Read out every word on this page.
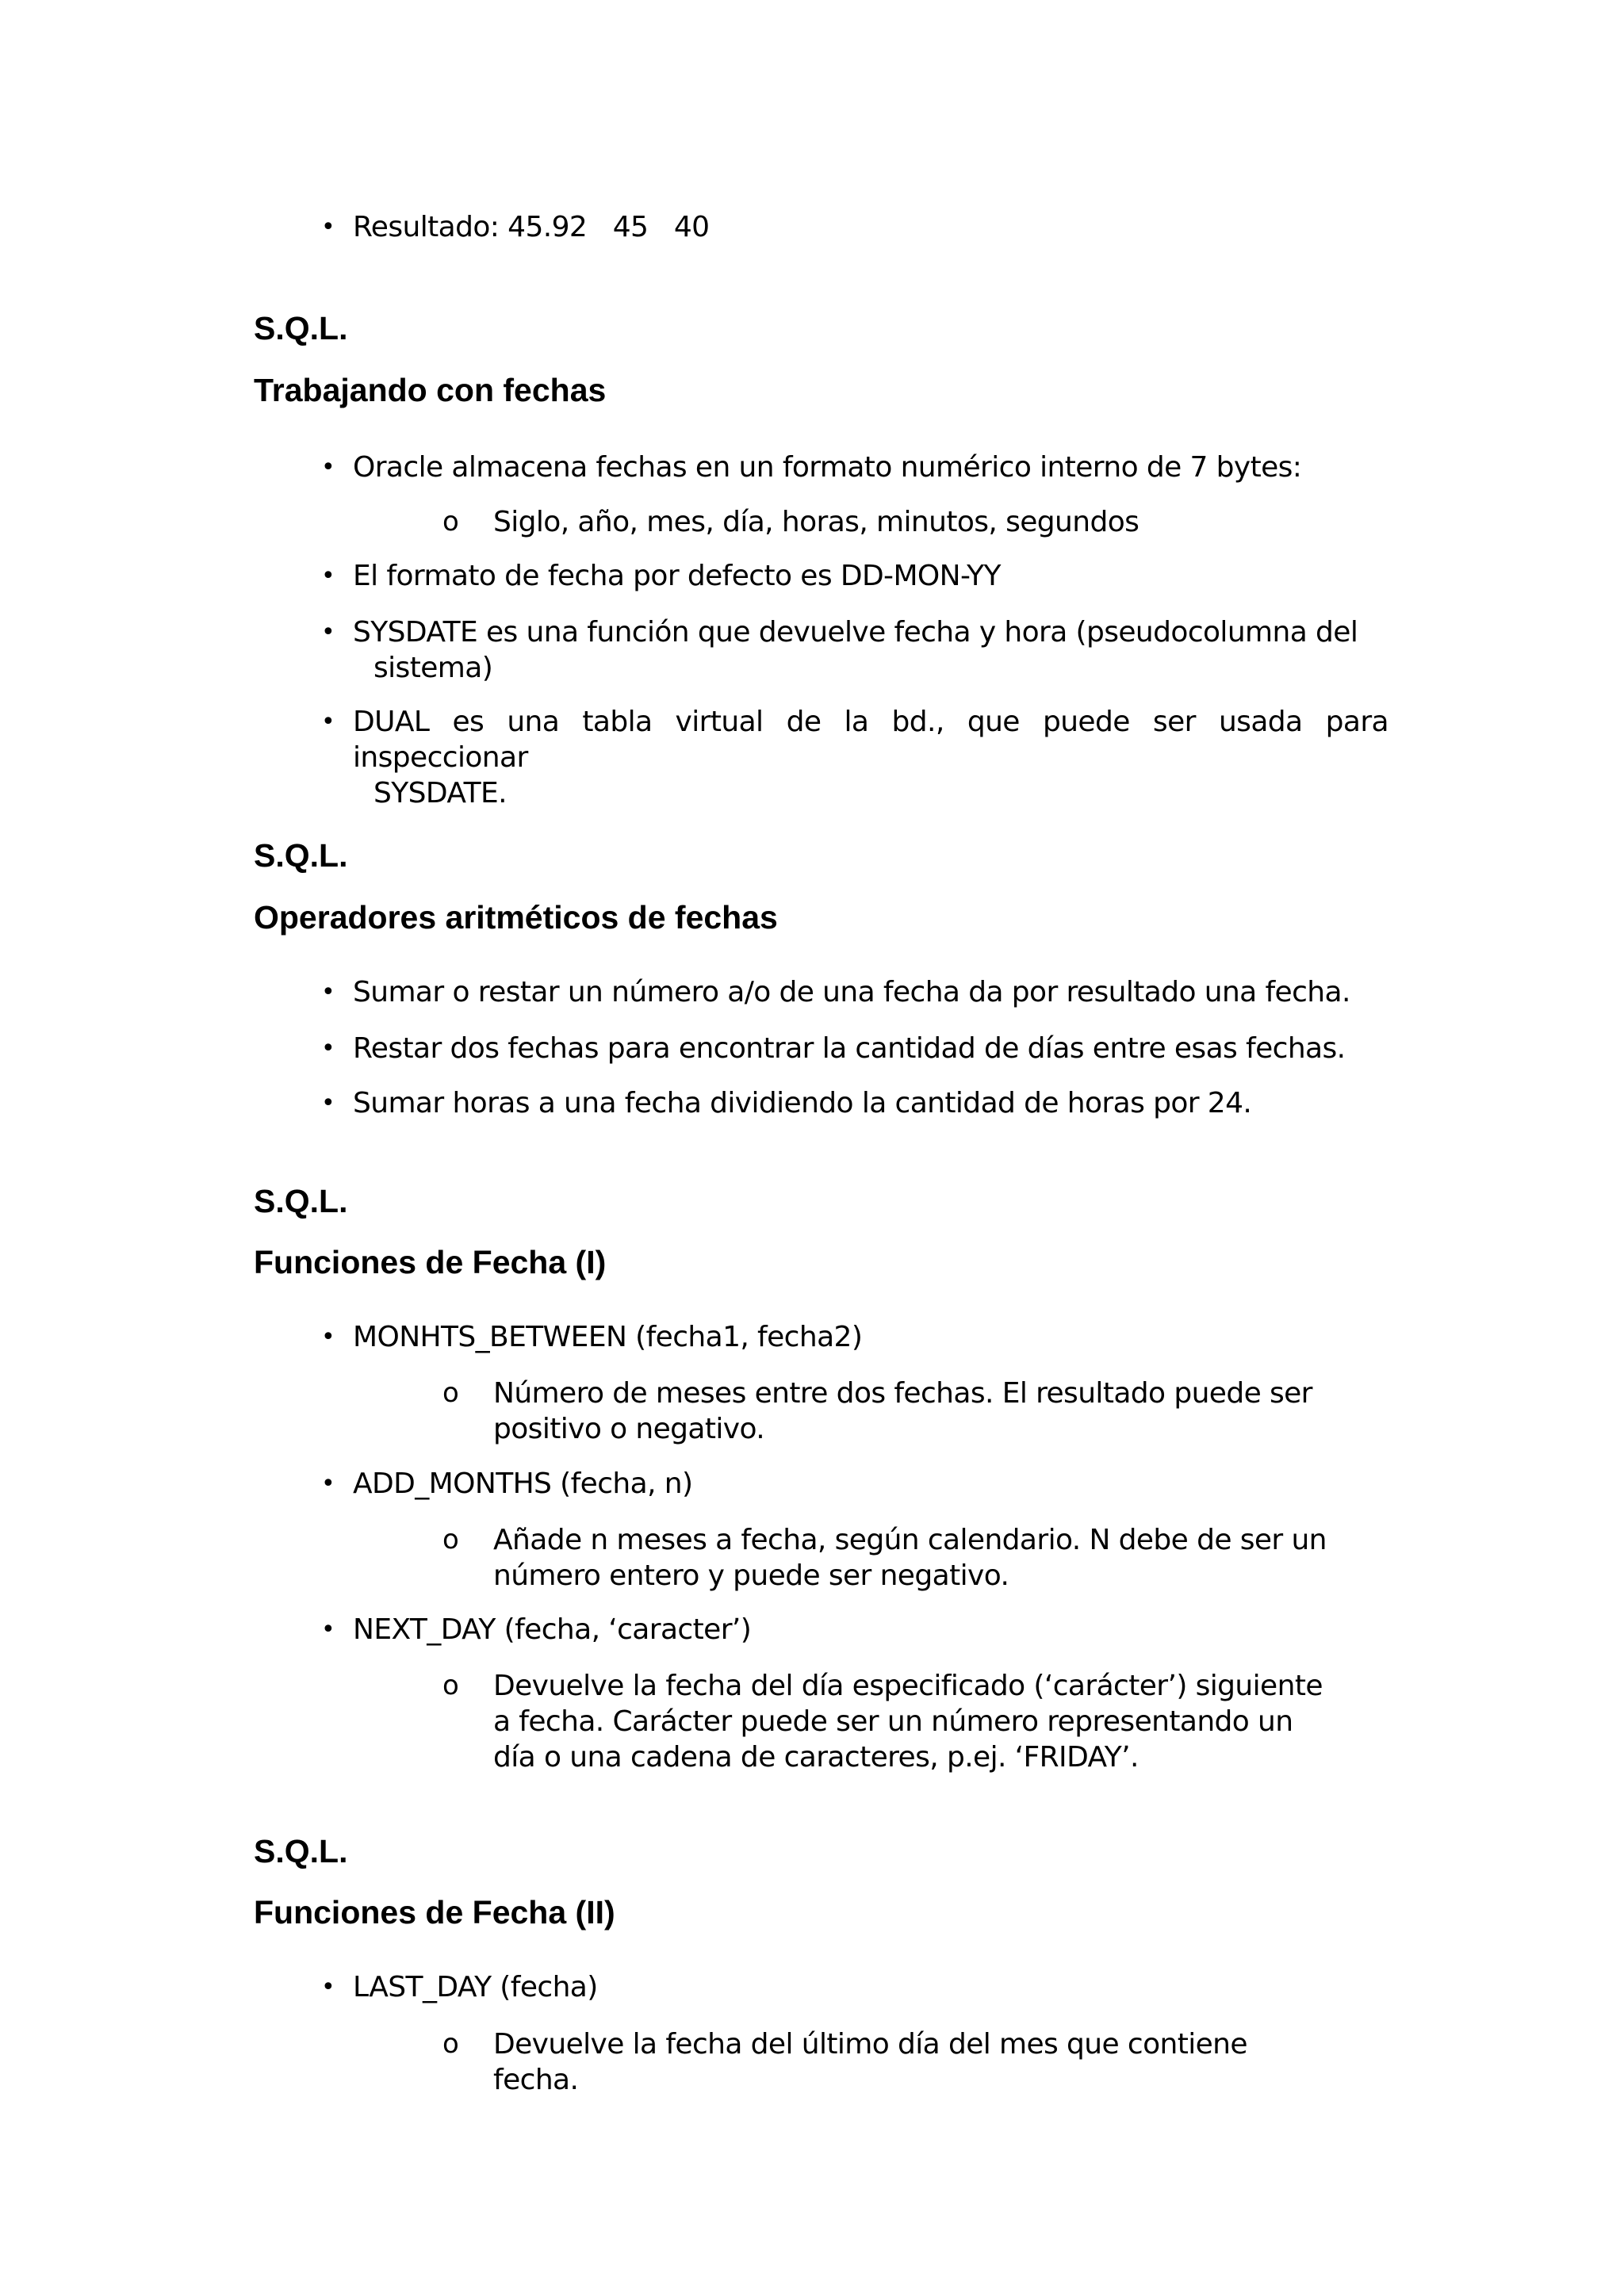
• Resultado: 45.92   45   40

S.Q.L.
Trabajando con fechas

• Oracle almacena fechas en un formato numérico interno de 7 bytes:

o Siglo, año, mes, día, horas, minutos, segundos

• El formato de fecha por defecto es DD-MON-YY

• SYSDATE es una función que devuelve fecha y hora (pseudocolumna del
sistema)

• DUAL es una tabla virtual de la bd., que puede ser usada para inspeccionar
SYSDATE.

S.Q.L.
Operadores aritméticos de fechas

• Sumar o restar un número a/o de una fecha da por resultado una fecha.

• Restar dos fechas para encontrar la cantidad de días entre esas fechas.

• Sumar horas a una fecha dividiendo la cantidad de horas por 24.

S.Q.L.
Funciones de Fecha (I)

• MONHTS_BETWEEN (fecha1, fecha2)

o Número de meses entre dos fechas. El resultado puede ser positivo o negativo.

• ADD_MONTHS (fecha, n)

o Añade n meses a fecha, según calendario. N debe de ser un número entero y puede ser negativo.

• NEXT_DAY (fecha, ‘caracter’)

o Devuelve la fecha del día especificado (‘carácter’) siguiente a fecha. Carácter puede ser un número representando un día o una cadena de caracteres, p.ej. ‘FRIDAY’.

S.Q.L.
Funciones de Fecha (II)

• LAST_DAY (fecha)

o Devuelve la fecha del último día del mes que contiene fecha.
